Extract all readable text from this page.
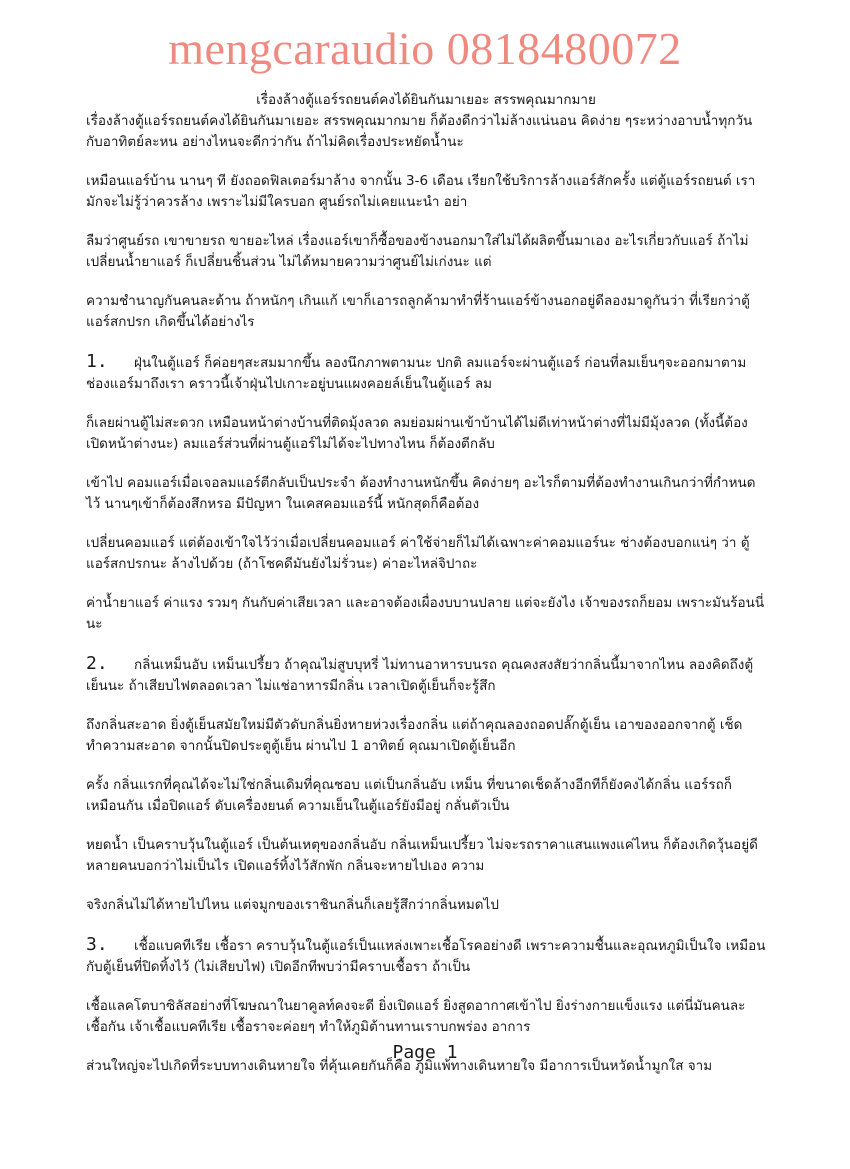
mengcaraudio 0818480072

เรื่องล้างตู้แอร์รถยนต์คงได้ยินกันมาเยอะ สรรพคุณมากมาย

เรื่องล้างตู้แอร์รถยนต์คงได้ยินกันมาเยอะ สรรพคุณมากมาย ก็ต้องดีกว่าไม่ล้างแน่นอน คิดง่าย ๆระหว่างอาบน้ำทุกวันกับอาทิตย์ละหน อย่างไหนจะดีกว่ากัน ถ้าไม่คิดเรื่องประหยัดน้ำนะ

เหมือนแอร์บ้าน นานๆ ที ยังถอดฟิลเตอร์มาล้าง จากนั้น 3-6 เดือน เรียกใช้บริการล้างแอร์สักครั้ง แต่ตู้แอร์รถยนต์ เรามักจะไม่รู้ว่าควรล้าง เพราะไม่มีใครบอก ศูนย์รถไม่เคยแนะนำ อย่า

ลืมว่าศูนย์รถ เขาขายรถ ขายอะไหล่ เรื่องแอร์เขาก็ซื้อของข้างนอกมาใส่ไม่ได้ผลิตขึ้นมาเอง อะไรเกี่ยวกับแอร์ ถ้าไม่เปลี่ยนน้ำยาแอร์ ก็เปลี่ยนชิ้นส่วน ไม่ได้หมายความว่าศูนย์ไม่เก่งนะ แต่

ความชำนาญกันคนละด้าน ถ้าหนักๆ เกินแก้ เขาก็เอารถลูกค้ามาทำที่ร้านแอร์ข้างนอกอยู่ดีลองมาดูกันว่า ที่เรียกว่าตู้แอร์สกปรก เกิดขึ้นได้อย่างไร

1. ฝุ่นในตู้แอร์ ก็ค่อยๆสะสมมากขึ้น ลองนึกภาพตามนะ ปกติ ลมแอร์จะผ่านตู้แอร์ ก่อนที่ลมเย็นๆจะออกมาตามช่องแอร์มาถึงเรา คราวนี้เจ้าฝุ่นไปเกาะอยู่บนแผงคอยล์เย็นในตู้แอร์ ลม

ก็เลยผ่านตู้ไม่สะดวก เหมือนหน้าต่างบ้านที่ติดมุ้งลวด ลมย่อมผ่านเข้าบ้านได้ไม่ดีเท่าหน้าต่างที่ไม่มีมุ้งลวด (ทั้งนี้ต้องเปิดหน้าต่างนะ) ลมแอร์ส่วนที่ผ่านตู้แอร์ไม่ได้จะไปทางไหน ก็ต้องตีกลับ

เข้าไป คอมแอร์เมื่อเจอลมแอร์ตีกลับเป็นประจำ ต้องทำงานหนักขึ้น คิดง่ายๆ อะไรก็ตามที่ต้องทำงานเกินกว่าที่กำหนดไว้ นานๆเข้าก็ต้องสึกหรอ มีปัญหา ในเคสคอมแอร์นี้ หนักสุดก็คือต้อง

เปลี่ยนคอมแอร์ แต่ต้องเข้าใจไว้ว่าเมื่อเปลี่ยนคอมแอร์ ค่าใช้จ่ายก็ไม่ได้เฉพาะค่าคอมแอร์นะ ช่างต้องบอกแน่ๆ ว่า ตู้แอร์สกปรกนะ ล้างไปด้วย (ถ้าโชคดีมันยังไม่รั่วนะ) ค่าอะไหล่จิปาถะ

ค่าน้ำยาแอร์ ค่าแรง รวมๆ กันกับค่าเสียเวลา และอาจต้องเผื่องบบานปลาย แต่จะยังไง เจ้าของรถก็ยอม เพราะมันร้อนนี่นะ

2. กลิ่นเหม็นอับ เหม็นเปรี้ยว ถ้าคุณไม่สูบบุหรี่ ไม่ทานอาหารบนรถ คุณคงสงสัยว่ากลิ่นนี้มาจากไหน ลองคิดถึงตู้เย็นนะ ถ้าเสียบไฟตลอดเวลา ไม่แช่อาหารมีกลิ่น เวลาเปิดตู้เย็นก็จะรู้สึก

ถึงกลิ่นสะอาด ยิ่งตู้เย็นสมัยใหม่มีตัวดับกลิ่นยิ่งหายห่วงเรื่องกลิ่น แต่ถ้าคุณลองถอดปลั๊กตู้เย็น เอาของออกจากตู้ เช็ดทำความสะอาด จากนั้นปิดประตูตู้เย็น ผ่านไป 1 อาทิตย์ คุณมาเปิดตู้เย็นอีก

ครั้ง กลิ่นแรกที่คุณได้จะไม่ใช่กลิ่นเดิมที่คุณชอบ แต่เป็นกลิ่นอับ เหม็น ที่ขนาดเช็ดล้างอีกทีก็ยังคงได้กลิ่น แอร์รถก็เหมือนกัน เมื่อปิดแอร์ ดับเครื่องยนต์ ความเย็นในตู้แอร์ยังมีอยู่ กลั่นตัวเป็น

หยดน้ำ เป็นคราบวุ้นในตู้แอร์ เป็นต้นเหตุของกลิ่นอับ กลิ่นเหม็นเปรี้ยว ไม่จะรถราคาแสนแพงแค่ไหน ก็ต้องเกิดวุ้นอยู่ดี หลายคนบอกว่าไม่เป็นไร เปิดแอร์ทิ้งไว้สักพัก กลิ่นจะหายไปเอง ความ

จริงกลิ่นไม่ได้หายไปไหน แต่จมูกของเราชินกลิ่นก็เลยรู้สึกว่ากลิ่นหมดไป

3. เชื้อแบคทีเรีย เชื้อรา คราบวุ้นในตู้แอร์เป็นแหล่งเพาะเชื้อโรคอย่างดี เพราะความชื้นและอุณหภูมิเป็นใจ เหมือนกับตู้เย็นที่ปิดทิ้งไว้ (ไม่เสียบไฟ) เปิดอีกทีพบว่ามีคราบเชื้อรา ถ้าเป็น

เชื้อแลคโตบาซิลัสอย่างที่โฆษณาในยาคูลท์คงจะดี ยิ่งเปิดแอร์ ยิ่งสูดอากาศเข้าไป ยิ่งร่างกายแข็งแรง แต่นี่มันคนละเชื้อกัน เจ้าเชื้อแบคทีเรีย เชื้อราจะค่อยๆ ทำให้ภูมิต้านทานเราบกพร่อง อาการ

ส่วนใหญ่จะไปเกิดที่ระบบทางเดินหายใจ ที่คุ้นเคยกันก็คือ ภูมิแพ้ทางเดินหายใจ มีอาการเป็นหวัดน้ำมูกใส จาม

Page 1
